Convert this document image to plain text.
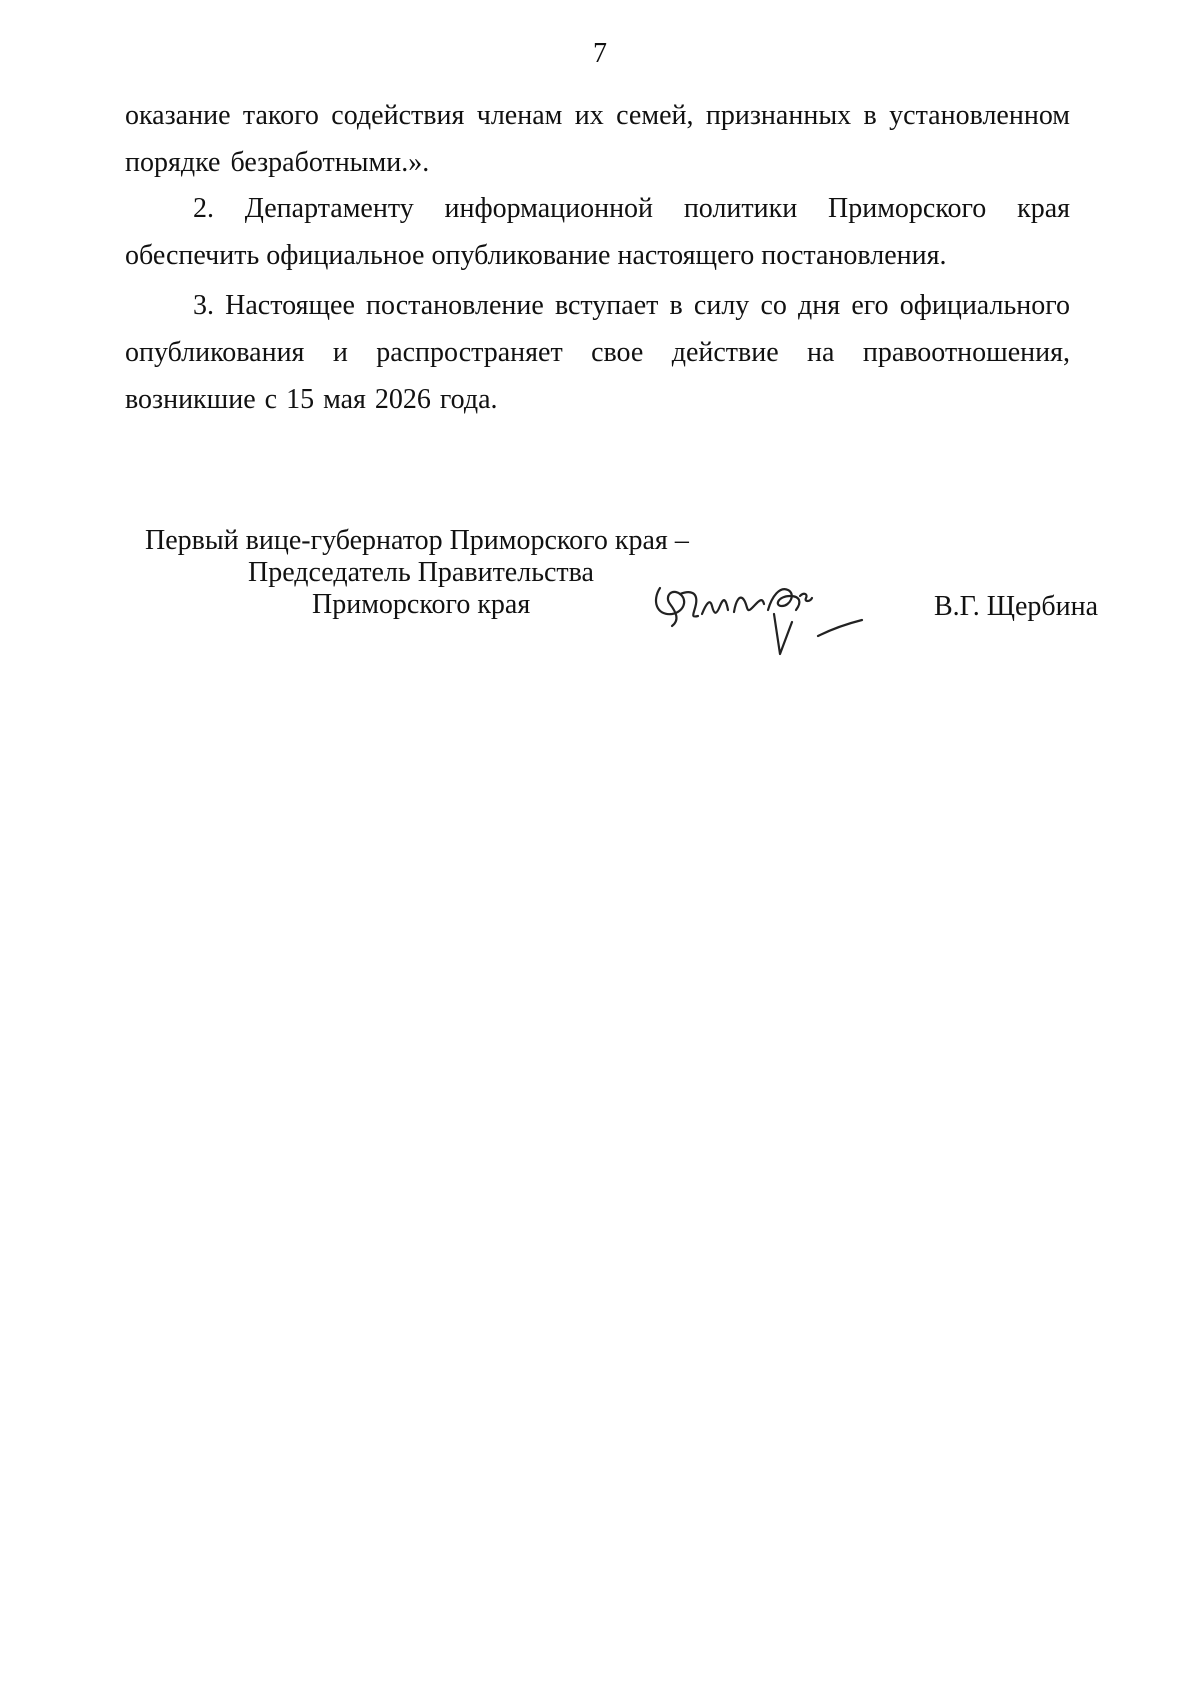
7
оказание такого содействия членам их семей, признанных в установленном порядке безработными.».
2. Департаменту информационной политики Приморского края обеспечить официальное опубликование настоящего постановления.
3. Настоящее постановление вступает в силу со дня его официального опубликования и распространяет свое действие на правоотношения, возникшие с 15 мая 2026 года.
Первый вице-губернатор Приморского края –
Председатель Правительства
Приморского края	В.Г. Щербина
